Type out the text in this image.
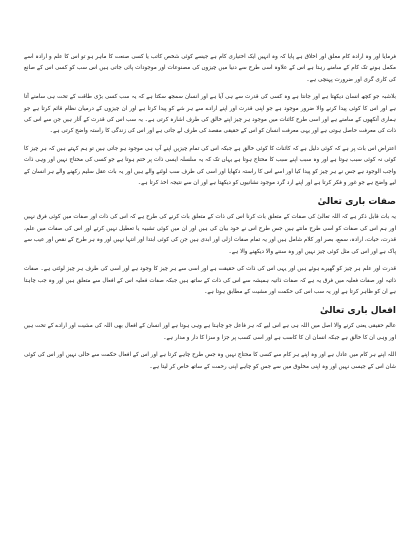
فرمایا اور وہ ارادہ کام معلق اور اخلاق ہے پایا کہ وہ انہیں ایک اختیاری کام ہے جیسے کوئی شخص کاتب یا کسی صنعت کا ماہر ہو تو اس کا علم و ارادہ اسے مکمل ہونے تک کام کے سامنے رہتا ہے اس کے علاوہ اسی طرح سے دنیا میں چیزوں کی مصنوعات اور موجودات پائی جاتی ہیں اس سب کو کسی اس کے صانع کی کاری گری اور ضرورت پہنچی ہے۔

بلاشبہ جو کچھ انسان دیکھتا ہے اور جانتا ہے وہ کسی کی قدرت سے ہی آیا ہے اور انسان سمجھ سکتا ہے کہ یہ سب کسی بڑی طاقت کے تحت ہی سامنے آتا ہے اور اس کا کوئی پیدا کرنے والا ضرور موجود ہے جو اپنی قدرت اور اپنے ارادے سے ہر شے کو پیدا کرتا ہے اور ان چیزوں کے درمیان نظام قائم کرتا ہے جو ہماری آنکھوں کے سامنے ہے اور اسی طرح کائنات میں موجود ہر چیز اپنے خالق کی طرف اشارہ کرتی ہے۔ یہ سب اس کی قدرت کے آثار ہیں جن سے اس کی ذات کی معرفت حاصل ہوتی ہے اور یہی معرفت انسان کو اس کے حقیقی مقصد کی طرف لے جاتی ہے اور اس کی زندگی کا راستہ واضح کرتی ہے۔

اعتراض اس بات پر ہے کہ کوئی دلیل ہے کہ کائنات کا کوئی خالق ہے جبکہ اس کی تمام چیزیں اپنے آپ ہی موجود ہو جاتی ہیں تو ہم کہتے ہیں کہ ہر چیز کا کوئی نہ کوئی سبب ہوتا ہے اور وہ سبب اپنے سبب کا محتاج ہوتا ہے یہاں تک کہ یہ سلسلہ ایسی ذات پر ختم ہوتا ہے جو کسی کی محتاج نہیں اور وہی ذات واجب الوجود ہے جس نے ہر چیز کو پیدا کیا اور اسے اس کا راستہ دکھایا اور اسی کی طرف سب لوٹنے والے ہیں اور یہ بات عقل سلیم رکھنے والے ہر انسان کے لیے واضح ہے جو غور و فکر کرتا ہے اور اپنے ارد گرد موجود نشانیوں کو دیکھتا ہے اور ان سے نتیجہ اخذ کرتا ہے۔

صفات باری تعالیٰ

یہ بات قابل ذکر ہے کہ اللہ تعالیٰ کی صفات کے متعلق بات کرنا اس کی ذات کے متعلق بات کرنے کی طرح ہے کہ اس کی ذات اور صفات میں کوئی فرق نہیں اور ہم اس کی صفات کو اسی طرح مانتے ہیں جس طرح اس نے خود بیان کی ہیں اور ان میں کوئی تشبیہ یا تعطیل نہیں کرتے اور اس کی صفات میں علم، قدرت، حیات، ارادہ، سمع، بصر اور کلام شامل ہیں اور یہ تمام صفات ازلی اور ابدی ہیں جن کی کوئی ابتدا اور انتہا نہیں اور وہ ہر طرح کے نقص اور عیب سے پاک ہے اور اس کی مثل کوئی چیز نہیں اور وہ سننے والا دیکھنے والا ہے۔

قدرت اور علم ہر چیز کو گھیرے ہوئے ہیں اور یہی اس کی ذات کی حقیقت ہے اور اسی سے ہر چیز کا وجود ہے اور اسی کی طرف ہر چیز لوٹتی ہے۔ صفات ذاتیہ اور صفات فعلیہ میں فرق یہ ہے کہ صفات ذاتیہ ہمیشہ سے اس کی ذات کے ساتھ ہیں جبکہ صفات فعلیہ اس کے افعال سے متعلق ہیں اور وہ جب چاہتا ہے ان کو ظاہر کرتا ہے اور یہ سب اس کی حکمت اور مشیت کے مطابق ہوتا ہے۔

افعال باری تعالیٰ

عالم حقیقی یعنی کرنے والا اصل میں اللہ ہی ہے اس لیے کہ ہر فاعل جو چاہتا ہے وہی ہوتا ہے اور انسان کے افعال بھی اللہ کی مشیت اور ارادے کے تحت ہیں اور وہی ان کا خالق ہے جبکہ انسان ان کا کاسب ہے اور اسی کسب پر جزا و سزا کا دار و مدار ہے۔

اللہ اپنے ہر کام میں عادل ہے اور وہ اپنے ہر کام سے کسی کا محتاج نہیں وہ جس طرح چاہے کرتا ہے اور اس کے افعال حکمت سے خالی نہیں اور اس کی کوئی شان اس کے جیسی نہیں اور وہ اپنی مخلوق میں سے جس کو چاہے اپنی رحمت کے ساتھ خاص کر لیتا ہے۔
